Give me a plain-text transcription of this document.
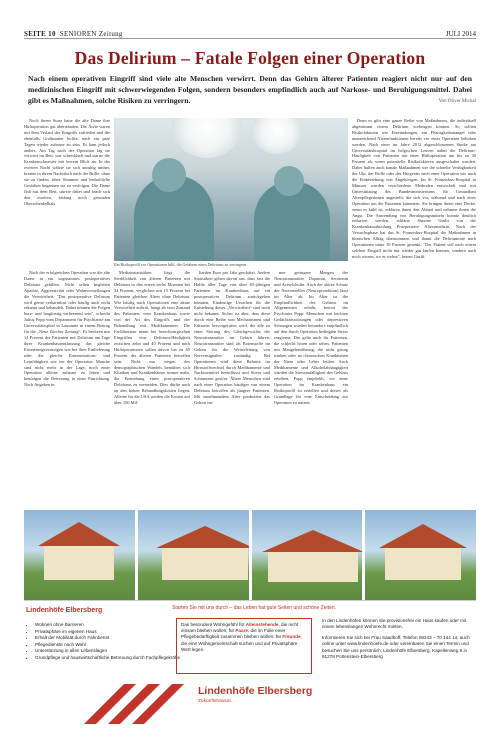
SEITE 10 SENIOREN Zeitung	JULI 2014
Das Delirium – Fatale Folgen einer Operation
Nach einem operativen Eingriff sind viele alte Menschen verwirrt. Denn das Gehirn älterer Patienten reagiert nicht nur auf den medizinischen Eingriff mit schwerwiegenden Folgen, sondern besonders empfindlich auch auf Narkose- und Beruhigungsmittel. Dabei gibt es Maßnahmen, solche Risiken zu verringern.	Von Oliver Michal

Noch ihrem Sturz hatte die alte Dame ihre Hüftoperation gut überstanden. Die Ärzte waren mit dem Verlauf des Eingriffs zufrieden und die ebenfalls Großmutter hoffte, nach ein paar Tagen wieder zuhause zu sein. Es kam jedoch anders. Am Tag nach der Operation lag sie verwirrt im Bett, war schreckhaft und starrte die Krankenschwester mit leerem Blick an. In der zweiten Nacht wälzte sie sich unruhig umher, kramte in ihrem Nachttisch nach der Brille, ohne sie zu finden, hörte Stimmen und bedrohliche Gestalten begannen sie zu verfolgen. Die Dame floh aus dem Bett, stürzte dabei und brach sich den zweiten, bislang noch gesunden Oberschenkelhals.

Ein Risikoprofil vor Operationen hilft, die Gefahren eines Deliriums zu verringern.

Denn es gibt eine ganze Reihe von Maßnahmen, die individuell abgestimmt einem Delirium vorbeugen können. So sollten Risikofaktoren wie Entzündungen, ein Flüssigkeitsmangel oder unzureichend Nierenfunktionen bereits vor einer Operation behoben werden. Nach einer im Jahre 2012 abgeschlossenen Studie am Universitätshospital im belgischen Leuven nahm die Delirium-Häufigkeit von Patienten mit einer Hüftoperation um bis zu 30 Prozent ab, wenn potentielle Risikofaktoren ausgeschaltet wurden. Dabei halfen auch banale Maßnahmen wie die schnelle Verfügbarkeit der Uhr, der Brille oder des Hörgeräts nach einer Operation wie auch die Einbeziehung von Angehörigen. Im St. Franziskus-Hospital in Münster wurden verschiedene Methoden entwickelt und mit Unterstützung des Bundesministeriums für Gesundheit Altenpflegerinnen angestellt, die sich vor, während und nach einer Operation um die Patienten kümmern. Sie bringen ihnen eine Decke, wenn es kühl ist, erklären ihnen den Ablauf und nehmen ihnen die Angst. Die Anwendung von Beruhigungsmitteln konnte deutlich reduziert werden, erklärte Simone Gurlit von der Krankenhausabteilung Präoperative Altersmedizin. Nach der Versuchsphase hat das St. Franziskus-Hospital die Maßnahmen in klinischen Alltag übernommen und damit die Deliriumrate nach Operationen unter 10 Prozent gesenkt. "Der Patient soll nach einem solchen Eingriff nicht nur wieder gut laufen können, sondern auch noch wissen, wo er wohnt", betont Gurlit.

Nach der erfolgreichen Operation war die alte Dame in ein sogenanntes postoperatives Delirium gefallen. Nicht selten begleiten Apathie, Aggressivität oder Wahnvorstellungen die Verwirrtheit. "Das postoperative Delirium wird gerne verharmlost oder häufig auch nicht erkannt und behandelt. Dabei können die Folgen kurz- und langfristig verheerend sein", schreibt Julius Popp vom Department für Psychiatrie am Universitätsspital in Lausanne in einem Beitrag für die „Neue Zürcher Zeitung“. Es besitzen nur 14 Prozent der Patienten mit Delirium am Tage ihrer Krankenhausentlassung das gleiche Erinnerungsvermögen wie bei ihrer Einlieferung oder die gleiche Konzentrations- und Lernfähigkeit wie vor der Operation. Manche sind nicht mehr in der Lage, noch einer Operation alleine zuhause zu leben und benötigen die Betreuung in einer Einrichtung. Nach Angaben in

Medizinstatistiken liegt die Sterblichkeit von älteren Patienten mit Delirium in den ersten sechs Monaten bei 34 Prozent, verglichen mit 15 Prozent bei Patienten gleichen Alters ohne Delirium. Wie häufig nach Operationen eine akute Verwirrtheit auftritt, hängt ab vom Zustand des Patienten, vom Krankenhaus sowie von der Art des Eingriffs und der Behandlung mit Medikamenten. Die Fachliteratur nennt bei herzchirurgischen Eingriffen eine Delirium-Häufigkeit zwischen zehn und 40 Prozent und nach Hüftoperationen sollen davon bis zu 65 Prozent der älteren Patienten betroffen sein. Nicht nur wegen des demographischen Wandels bemühen sich Kliniken und Krankenhäuser immer mehr, die Entstehung eines postoperativen Deliriums zu vermeiden. Dies dürfte auch an den hohen Behandlungskosten liegen. Alleine für die USA werden die Kosten auf über 100 Mil-

liarden Euro pro Jahr geschätzt. Andere Statistiken gehen davon aus, dass fast die Hälfte aller Tage von über 65-jährigen Patienten im Krankenhaus auf ein postoperatives Delirium zurückgehen könnten. Eindeutige Ursachen für die Entstehung dieser „Verwirrtheit“ sind noch nicht bekannt. Sicher ist aber, dass diese durch eine Reihe von Mechanismen und Faktoren hervorgerufen wird, die alle zu einer Störung des Gleichgewichts der Neurotransmitter im Gehirn führen. Neurotransmitter sind als Botenstoffe im Gehirn für die Weiterleitung von Nervensignalen zuständig. Bei Operationen wird diese Balance im Hirnstoffwechsel durch Medikamente und Narkosemittel beeinflusst und Stress und Schmerzen gestört. Ältere Menschen sind nach einer Operation häufiger von einem Delirium betroffen als jüngere Patienten. Mit zunehmendem Alter produziert das Gehirn im-

mer geringere Mengen der Neurotransmitter Dopamin, Serotonin und Acetylcholin. Auch der aktive Schutz der Nervenzellen (Neuroprotektion) lässt im Alter ab. Im Alter ist die Empfindlichkeit des Gehirns im Allgemeinen erhöht, betont der Psychiater Popp. Menschen mit leichten Gedächtnisstörungen oder depressiven Störungen würden besonders empfindlich auf den durch Operation bedingten Stress reagieren. Das gelte auch für Patienten, die schlecht hören oder sehen, Patienten mit Mangelernährung, die nicht genug trinken oder an chronischen Krankheiten der Niere oder Leber leiden. Auch Medikamente und Alkoholabhängigkeit würden die Stressanfälligkeit des Gehirns erhöhen. Popp empfiehlt, vor einer Operation im Krankenhaus ein Risikoprofil zu erstellen und dieses als Grundlage für eine Entscheidung zur Operation zu nutzen.

Lindenhöfe Elbersberg	Starten Sie mit uns durch – das Leben hat gute Seiten und schöne Zeiten.
• Wohnen ohne Barrieren
• Privatsphäre im eigenen Haus
• Erhalt der Mobilität durch Fahrdienst
• Pflegedienste nach Wahl
• Unterstützung in allen Lebenslagen
• Grundpflege und hauswirtschaftliche Betreuung durch Fachpflegekräfte
Das besondere Wohngefühl für Alleinstehende, die nicht einsam bleiben wollen; für Paare, die im Falle einer Pflegebedürftigkeit zusammen bleiben wollen; für Freunde, die eine Wohngemeinschaft suchen und auf Privatsphäre Wert legen.
Lindenhöfe Elbersberg
Zukunftshäuser.

In den Lindenhöfen können Sie provisionsfrei ein Haus kaufen oder mit einem lebenslangen Wohnrecht mieten.

Informieren Sie sich bei Frau Saadhoff, Telefon 09243 – 70 144 14, auch online unter www.lindenhoefe.de oder vereinbaren Sie einen Termin und besuchen Sie uns persönlich: Lindenhöfe Elbersberg, Kapellenweg 8 in 91278 Pottenstein-Elbersberg
